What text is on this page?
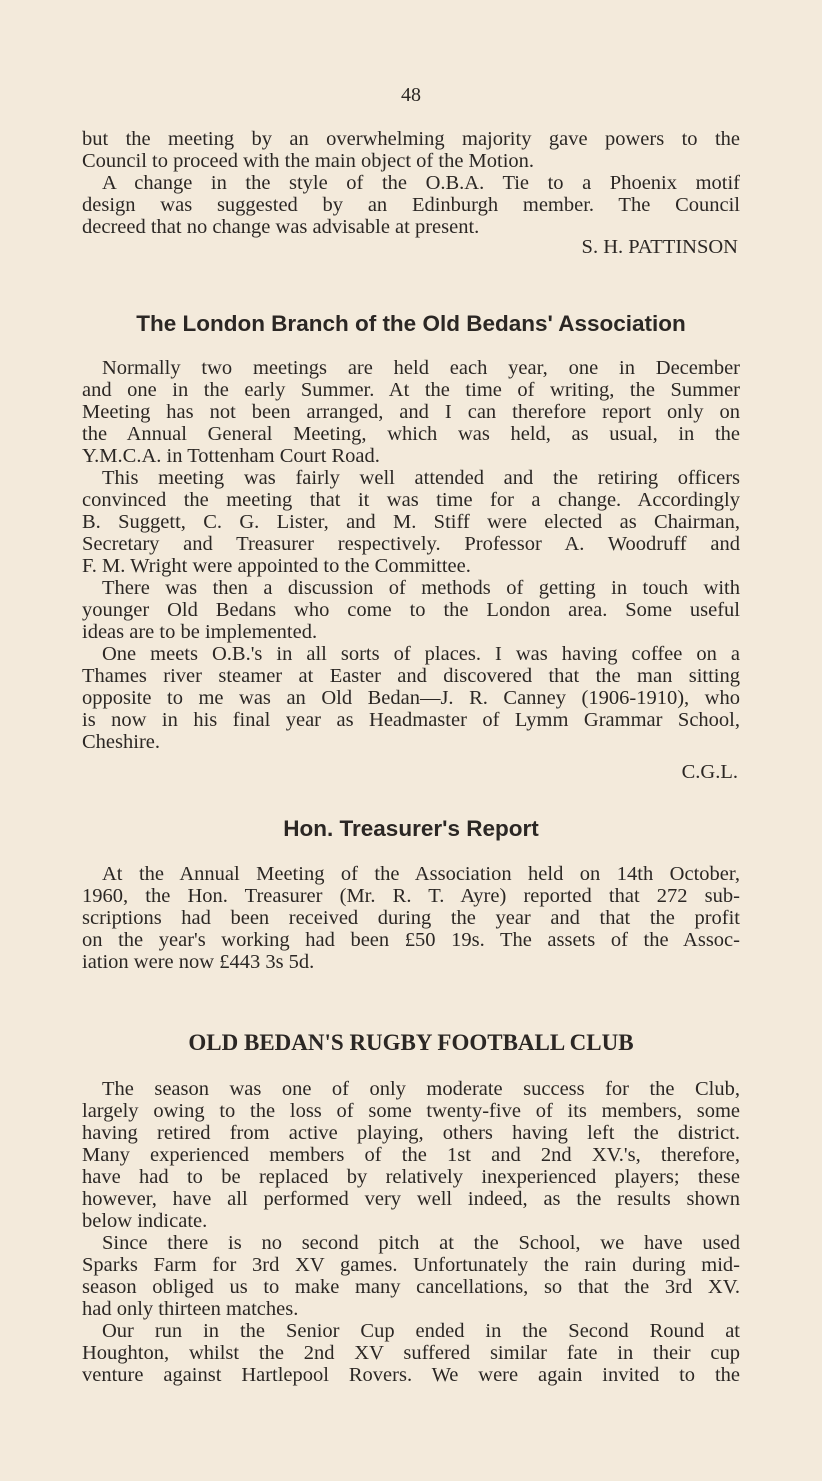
48
but the meeting by an overwhelming majority gave powers to the
Council to proceed with the main object of the Motion.
A change in the style of the O.B.A. Tie to a Phoenix motif
design was suggested by an Edinburgh member. The Council
decreed that no change was advisable at present.
S. H. PATTINSON
The London Branch of the Old Bedans' Association
Normally two meetings are held each year, one in December
and one in the early Summer. At the time of writing, the Summer
Meeting has not been arranged, and I can therefore report only on
the Annual General Meeting, which was held, as usual, in the
Y.M.C.A. in Tottenham Court Road.
This meeting was fairly well attended and the retiring officers
convinced the meeting that it was time for a change. Accordingly
B. Suggett, C. G. Lister, and M. Stiff were elected as Chairman,
Secretary and Treasurer respectively. Professor A. Woodruff and
F. M. Wright were appointed to the Committee.
There was then a discussion of methods of getting in touch with
younger Old Bedans who come to the London area. Some useful
ideas are to be implemented.
One meets O.B.'s in all sorts of places. I was having coffee on a
Thames river steamer at Easter and discovered that the man sitting
opposite to me was an Old Bedan—J. R. Canney (1906-1910), who
is now in his final year as Headmaster of Lymm Grammar School,
Cheshire.
C.G.L.
Hon. Treasurer's Report
At the Annual Meeting of the Association held on 14th October,
1960, the Hon. Treasurer (Mr. R. T. Ayre) reported that 272 sub-
scriptions had been received during the year and that the profit
on the year's working had been £50 19s. The assets of the Assoc-
iation were now £443 3s 5d.
OLD BEDAN'S RUGBY FOOTBALL CLUB
The season was one of only moderate success for the Club,
largely owing to the loss of some twenty-five of its members, some
having retired from active playing, others having left the district.
Many experienced members of the 1st and 2nd XV.'s, therefore,
have had to be replaced by relatively inexperienced players; these
however, have all performed very well indeed, as the results shown
below indicate.
Since there is no second pitch at the School, we have used
Sparks Farm for 3rd XV games. Unfortunately the rain during mid-
season obliged us to make many cancellations, so that the 3rd XV.
had only thirteen matches.
Our run in the Senior Cup ended in the Second Round at
Houghton, whilst the 2nd XV suffered similar fate in their cup
venture against Hartlepool Rovers. We were again invited to the
